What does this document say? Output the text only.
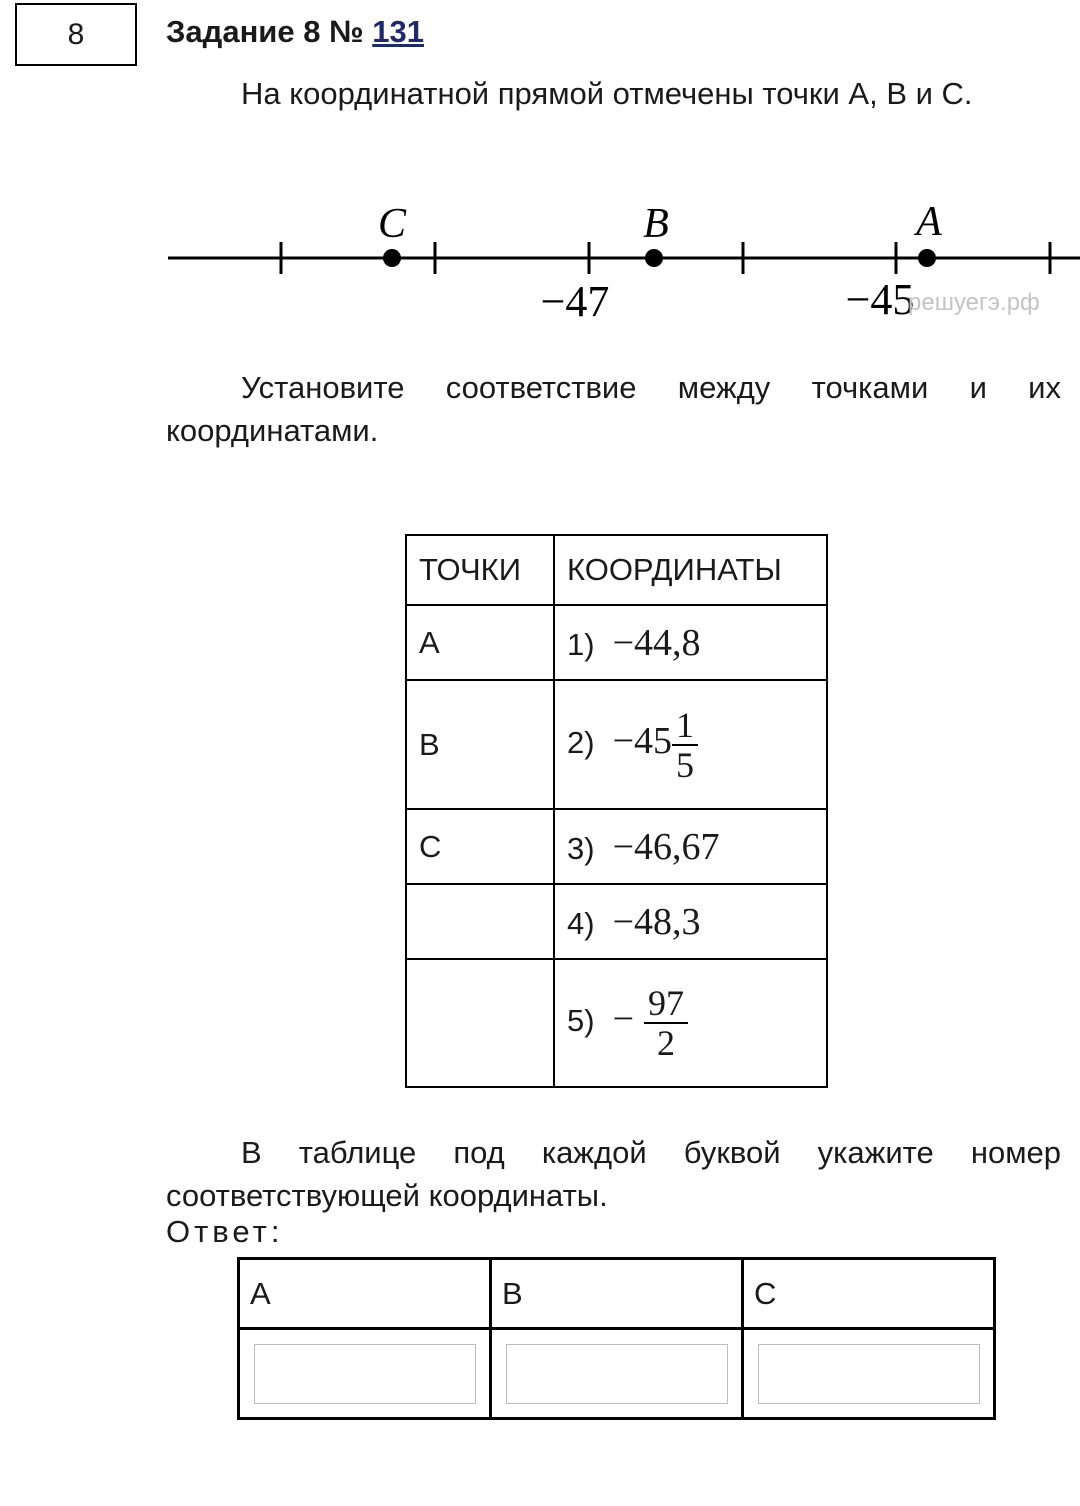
8	Задание 8 № 131
На координатной прямой отмечены точки A, B и C.
C	B	A
−47	−45
решуегэ.рф
Установите соответствие между точками и их координатами.
ТОЧКИ	КООРДИНАТЫ
A	1) −44,8
B	$2) -45 \frac{1}{5}$

C	3) −46,67
	4) −48,3
	$5) - \frac{97}{2}$
В таблице под каждой буквой укажите номер соответствующей координаты.
Ответ:
A	B	C
